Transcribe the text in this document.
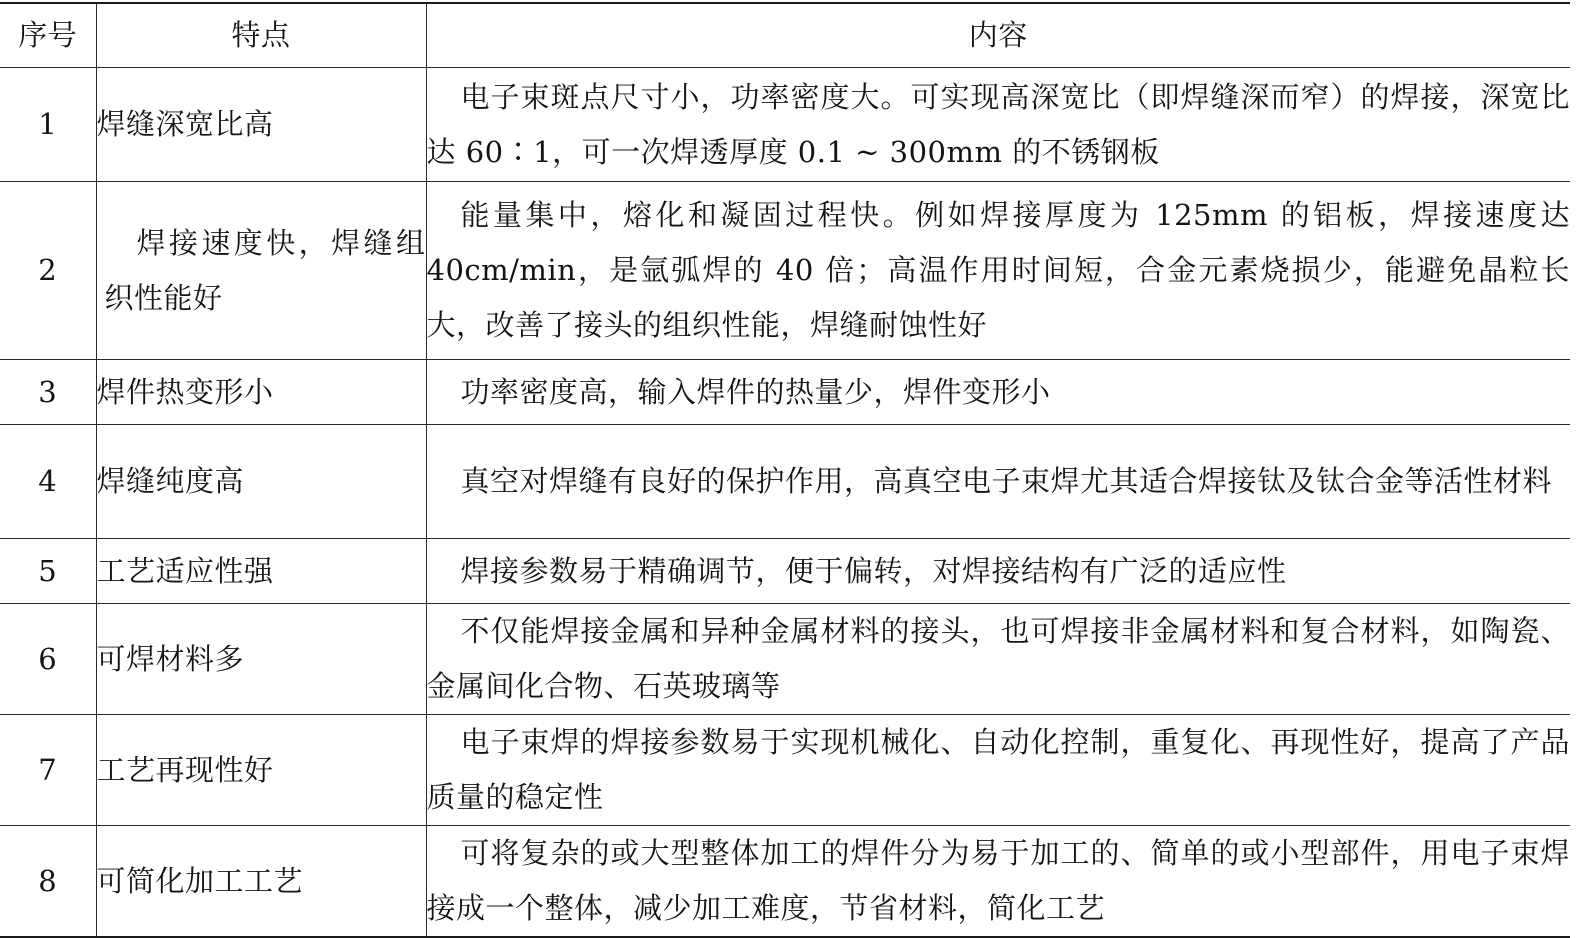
序号	特点	内容
1	焊缝深宽比高	电子束斑点尺寸小，功率密度大。可实现高深宽比（即焊缝深而窄）的焊接，深宽比达 60∶1，可一次焊透厚度 0.1 ~ 300mm 的不锈钢板
2	焊接速度快，焊缝组织性能好	能量集中，熔化和凝固过程快。例如焊接厚度为 125mm 的铝板，焊接速度达 40cm/min，是氩弧焊的 40 倍；高温作用时间短，合金元素烧损少，能避免晶粒长大，改善了接头的组织性能，焊缝耐蚀性好
3	焊件热变形小	功率密度高，输入焊件的热量少，焊件变形小
4	焊缝纯度高	真空对焊缝有良好的保护作用，高真空电子束焊尤其适合焊接钛及钛合金等活性材料
5	工艺适应性强	焊接参数易于精确调节，便于偏转，对焊接结构有广泛的适应性
6	可焊材料多	不仅能焊接金属和异种金属材料的接头，也可焊接非金属材料和复合材料，如陶瓷、金属间化合物、石英玻璃等
7	工艺再现性好	电子束焊的焊接参数易于实现机械化、自动化控制，重复化、再现性好，提高了产品质量的稳定性
8	可简化加工工艺	可将复杂的或大型整体加工的焊件分为易于加工的、简单的或小型部件，用电子束焊接成一个整体，减少加工难度，节省材料，简化工艺
